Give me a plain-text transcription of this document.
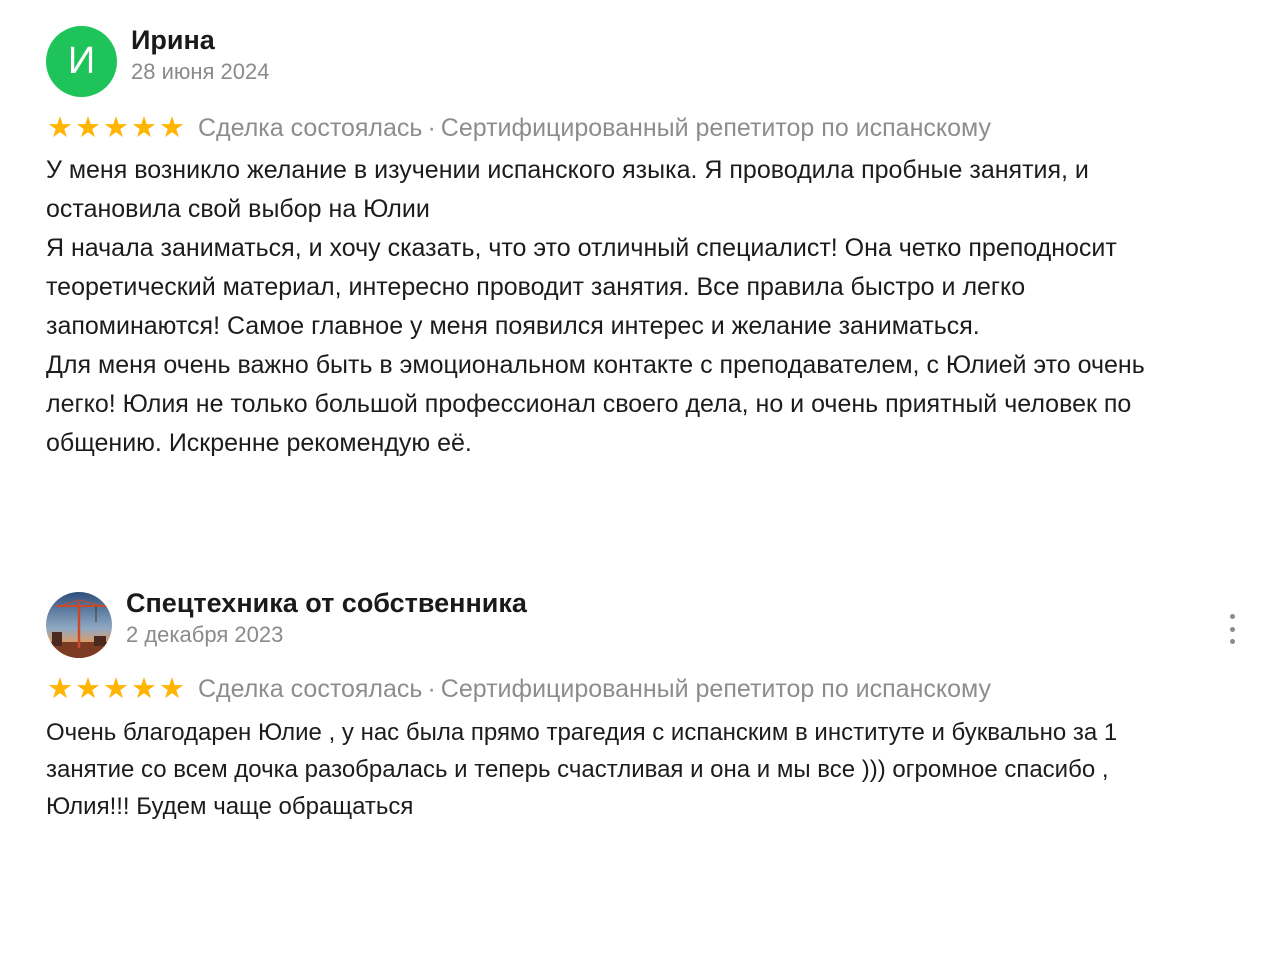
И
Ирина
28 июня 2024
★ ★ ★ ★ ★ Сделка состоялась · Сертифицированный репетитор по испанскому
У меня возникло желание в изучении испанского языка. Я проводила пробные занятия, и
остановила свой выбор на Юлии
Я начала заниматься, и хочу сказать, что это отличный специалист! Она четко преподносит
теоретический материал, интересно проводит занятия. Все правила быстро и легко
запоминаются! Самое главное у меня появился интерес и желание заниматься.
Для меня очень важно быть в эмоциональном контакте с преподавателем, с Юлией это очень
легко! Юлия не только большой профессионал своего дела, но и очень приятный человек по
общению. Искренне рекомендую её.
Спецтехника от собственника
2 декабря 2023
★ ★ ★ ★ ★ Сделка состоялась · Сертифицированный репетитор по испанскому
Очень благодарен Юлие , у нас была прямо трагедия с испанским в институте и буквально за 1
занятие со всем дочка разобралась и теперь счастливая и она и мы все ))) огромное спасибо ,
Юлия!!! Будем чаще обращаться
